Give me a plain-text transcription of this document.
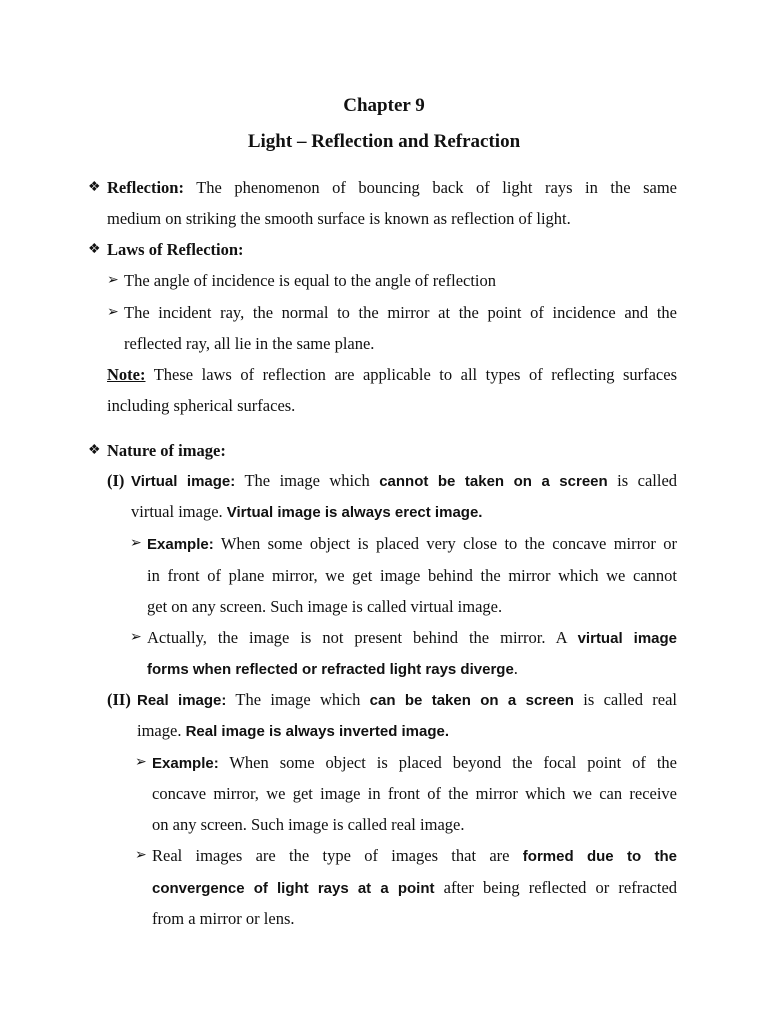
Chapter 9
Light – Reflection and Refraction
❖ Reflection: The phenomenon of bouncing back of light rays in the same
medium on striking the smooth surface is known as reflection of light.
❖ Laws of Reflection:
➢ The angle of incidence is equal to the angle of reflection
➢ The incident ray, the normal to the mirror at the point of incidence and the
reflected ray, all lie in the same plane.
Note: These laws of reflection are applicable to all types of reflecting surfaces
including spherical surfaces.
❖ Nature of image:
(I) Virtual image: The image which cannot be taken on a screen is called
virtual image. Virtual image is always erect image.
➢ Example: When some object is placed very close to the concave mirror or
in front of plane mirror, we get image behind the mirror which we cannot
get on any screen. Such image is called virtual image.
➢ Actually, the image is not present behind the mirror. A virtual image
forms when reflected or refracted light rays diverge.
(II) Real image: The image which can be taken on a screen is called real
image. Real image is always inverted image.
➢ Example: When some object is placed beyond the focal point of the
concave mirror, we get image in front of the mirror which we can receive
on any screen. Such image is called real image.
➢ Real images are the type of images that are formed due to the
convergence of light rays at a point after being reflected or refracted
from a mirror or lens.
